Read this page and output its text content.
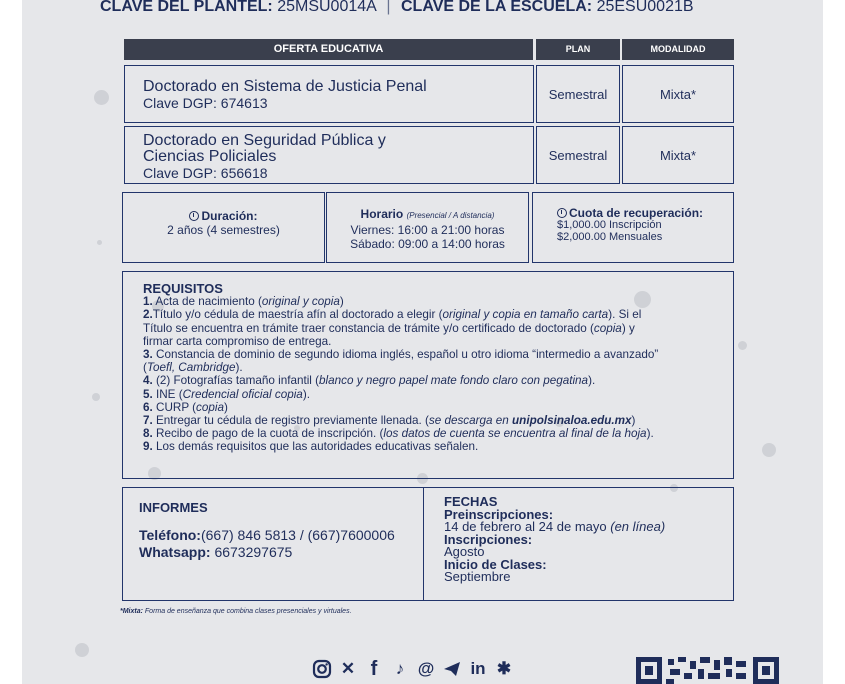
CLAVE DEL PLANTEL: 25MSU0014A | CLAVE DE LA ESCUELA: 25ESU0021B
OFERTA EDUCATIVA	PLAN	MODALIDAD
Doctorado en Sistema de Justicia Penal
Clave DGP: 674613
Semestral	Mixta*
Doctorado en Seguridad Pública y
Ciencias Policiales
Clave DGP: 656618
Semestral	Mixta*
Duración:
2 años (4 semestres)
Horario (Presencial / A distancia)
Viernes: 16:00 a 21:00 horas
Sábado: 09:00 a 14:00 horas
Cuota de recuperación:
$1,000.00 Inscripción
$2,000.00 Mensuales
REQUISITOS
1. Acta de nacimiento (original y copia)
2.Título y/o cédula de maestría afín al doctorado a elegir (original y copia en tamaño carta). Si el
Título se encuentra en trámite traer constancia de trámite y/o certificado de doctorado (copia) y
firmar carta compromiso de entrega.
3. Constancia de dominio de segundo idioma inglés, español u otro idioma “intermedio a avanzado”
(Toefl, Cambridge).
4. (2) Fotografías tamaño infantil (blanco y negro papel mate fondo claro con pegatina).
5. INE (Credencial oficial copia).
6. CURP (copia)
7. Entregar tu cédula de registro previamente llenada. (se descarga en unipolsinaloa.edu.mx)
8. Recibo de pago de la cuota de inscripción. (los datos de cuenta se encuentra al final de la hoja).
9. Los demás requisitos que las autoridades educativas señalen.
INFORMES
Teléfono:(667) 846 5813 / (667)7600006
Whatsapp: 6673297675
FECHAS
Preinscripciones:
14 de febrero al 24 de mayo (en línea)
Inscripciones:
Agosto
Inicio de Clases:
Septiembre
*Mixta: Forma de enseñanza que combina clases presenciales y virtuales.
✕ f	♪ @ in ✱
